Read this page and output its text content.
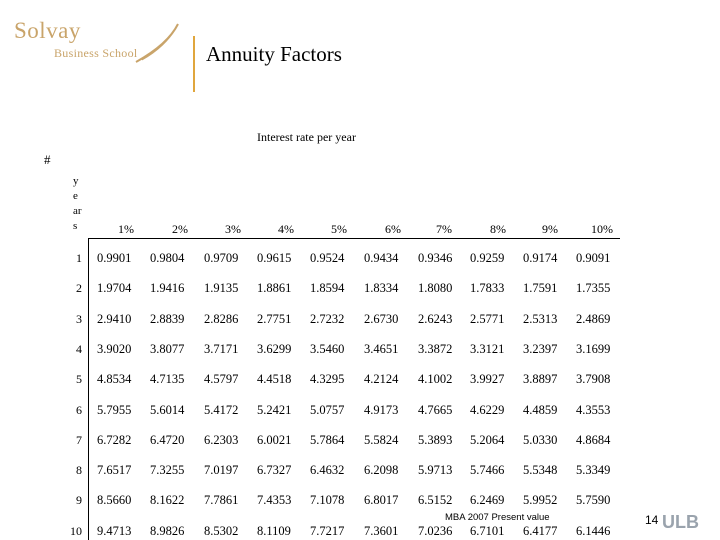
Solvay
Business School	Annuity Factors
Interest rate per year
#
y
e
ar
s	1%	2%	3%	4%	5%	6%	7%	8%	9%	10%
1 0.9901	0.9804	0.9709	0.9615	0.9524	0.9434	0.9346	0.9259	0.9174	0.9091
2 1.9704	1.9416	1.9135	1.8861	1.8594	1.8334	1.8080	1.7833	1.7591	1.7355
3 2.9410	2.8839	2.8286	2.7751	2.7232	2.6730	2.6243	2.5771	2.5313	2.4869
4 3.9020	3.8077	3.7171	3.6299	3.5460	3.4651	3.3872	3.3121	3.2397	3.1699
5 4.8534	4.7135	4.5797	4.4518	4.3295	4.2124	4.1002	3.9927	3.8897	3.7908
6 5.7955	5.6014	5.4172	5.2421	5.0757	4.9173	4.7665	4.6229	4.4859	4.3553
7 6.7282	6.4720	6.2303	6.0021	5.7864	5.5824	5.3893	5.2064	5.0330	4.8684
8 7.6517	7.3255	7.0197	6.7327	6.4632	6.2098	5.9713	5.7466	5.5348	5.3349
9 8.5660	8.1622	7.7861	7.4353	7.1078	6.8017	6.5152	6.2469	5.9952	5.7590
10 9.4713	8.9826	8.5302	8.1109	7.7217	7.3601	7.0236	6.7101	6.4177	6.1446
MBA 2007 Present value	14 ULB
